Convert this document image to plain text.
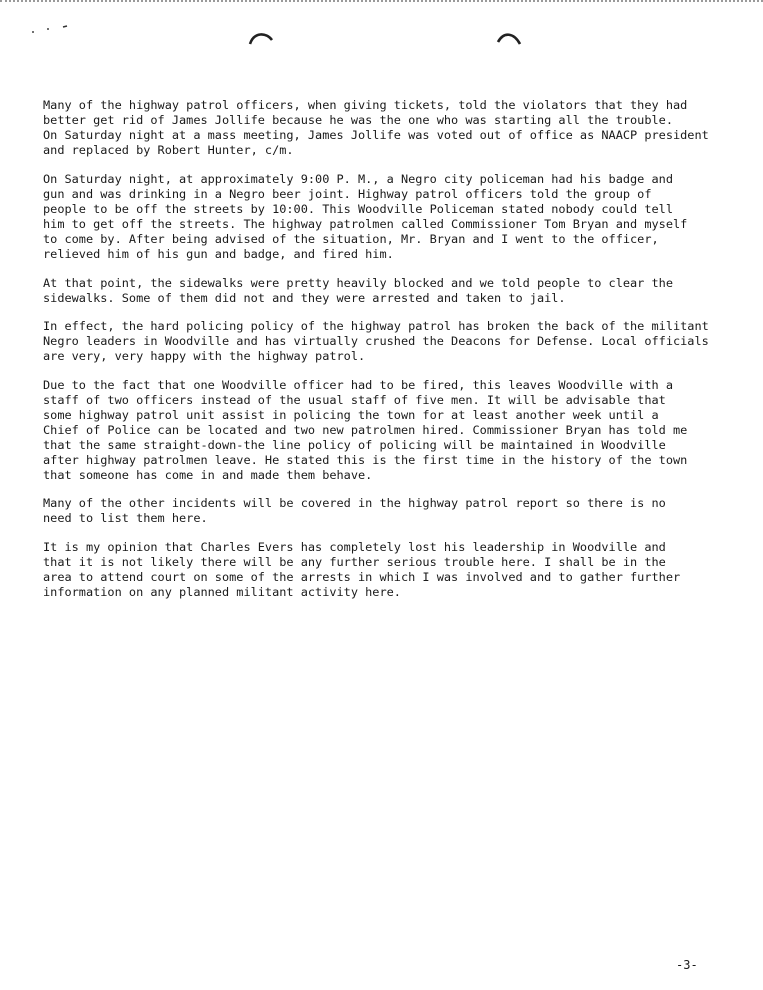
Many of the highway patrol officers, when giving tickets, told the violators that they had
better get rid of James Jollife because he was the one who was starting all the trouble.
On Saturday night at a mass meeting, James Jollife was voted out of office as NAACP president
and replaced by Robert Hunter, c/m.

On Saturday night, at approximately 9:00 P. M., a Negro city policeman had his badge and
gun and was drinking in a Negro beer joint. Highway patrol officers told the group of
people to be off the streets by 10:00. This Woodville Policeman stated nobody could tell
him to get off the streets. The highway patrolmen called Commissioner Tom Bryan and myself
to come by. After being advised of the situation, Mr. Bryan and I went to the officer,
relieved him of his gun and badge, and fired him.

At that point, the sidewalks were pretty heavily blocked and we told people to clear the
sidewalks. Some of them did not and they were arrested and taken to jail.

In effect, the hard policing policy of the highway patrol has broken the back of the militant
Negro leaders in Woodville and has virtually crushed the Deacons for Defense. Local officials
are very, very happy with the highway patrol.

Due to the fact that one Woodville officer had to be fired, this leaves Woodville with a
staff of two officers instead of the usual staff of five men. It will be advisable that
some highway patrol unit assist in policing the town for at least another week until a
Chief of Police can be located and two new patrolmen hired. Commissioner Bryan has told me
that the same straight-down-the line policy of policing will be maintained in Woodville
after highway patrolmen leave. He stated this is the first time in the history of the town
that someone has come in and made them behave.

Many of the other incidents will be covered in the highway patrol report so there is no
need to list them here.

It is my opinion that Charles Evers has completely lost his leadership in Woodville and
that it is not likely there will be any further serious trouble here. I shall be in the
area to attend court on some of the arrests in which I was involved and to gather further
information on any planned militant activity here.

-3-
